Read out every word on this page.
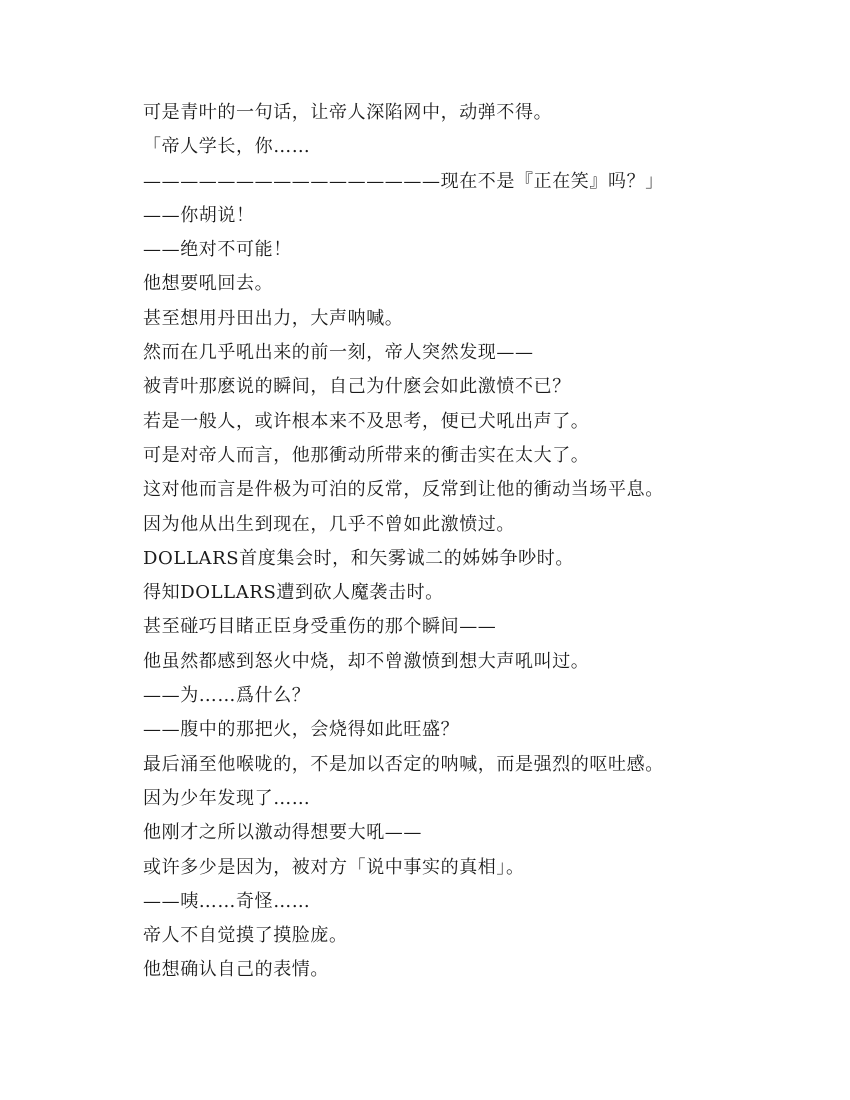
可是青叶的一句话，让帝人深陷网中，动弹不得。

「帝人学长，你……

————————————————现在不是『正在笑』吗？」

——你胡说！

——绝对不可能！

他想要吼回去。

甚至想用丹田出力，大声呐喊。

然而在几乎吼出来的前一刻，帝人突然发现——

被青叶那麽说的瞬间，自己为什麽会如此激愤不已？

若是一般人，或许根本来不及思考，便已犬吼出声了。

可是对帝人而言，他那衝动所带来的衝击实在太大了。

这对他而言是件极为可泊的反常，反常到让他的衝动当场平息。

因为他从出生到现在，几乎不曾如此激愤过。

DOLLARS首度集会时，和矢雾诚二的姊姊争吵时。

得知DOLLARS遭到砍人魔袭击时。

甚至碰巧目睹正臣身受重伤的那个瞬间——

他虽然都感到怒火中烧，却不曾激愤到想大声吼叫过。

——为……爲什么？

——腹中的那把火，会烧得如此旺盛？

最后涌至他喉咙的，不是加以否定的呐喊，而是强烈的呕吐感。

因为少年发现了……

他刚才之所以激动得想要大吼——

或许多少是因为，被对方「说中事实的真相」。

——咦……奇怪……

帝人不自觉摸了摸脸庞。

他想确认自己的表情。
